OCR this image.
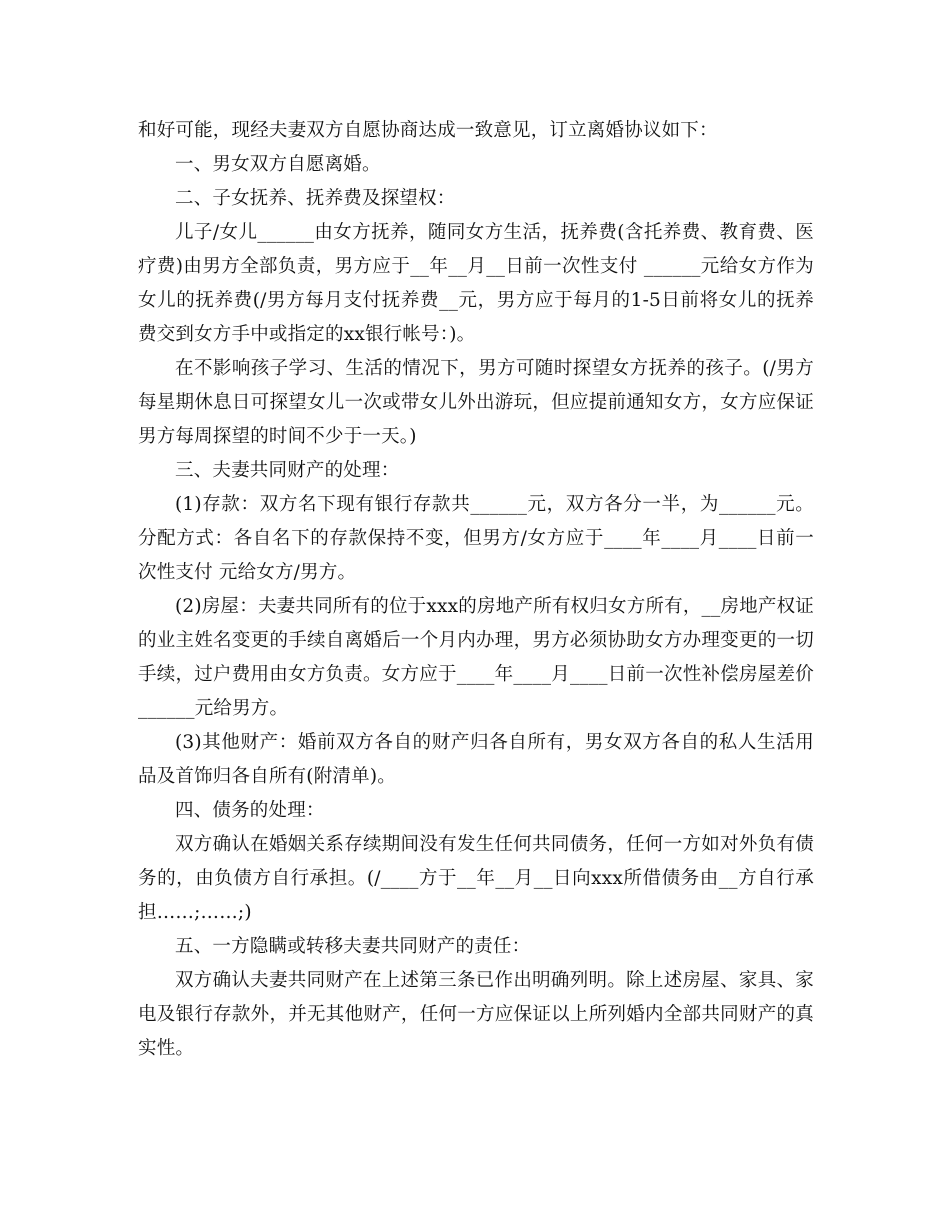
和好可能，现经夫妻双方自愿协商达成一致意见，订立离婚协议如下：

一、男女双方自愿离婚。

二、子女抚养、抚养费及探望权：

儿子/女儿______由女方抚养，随同女方生活，抚养费(含托养费、教育费、医疗费)由男方全部负责，男方应于__年__月__日前一次性支付 ______元给女方作为女儿的抚养费(/男方每月支付抚养费__元，男方应于每月的1-5日前将女儿的抚养费交到女方手中或指定的xx银行帐号：)。

在不影响孩子学习、生活的情况下，男方可随时探望女方抚养的孩子。(/男方每星期休息日可探望女儿一次或带女儿外出游玩，但应提前通知女方，女方应保证男方每周探望的时间不少于一天。)

三、夫妻共同财产的处理：

(1)存款：双方名下现有银行存款共______元，双方各分一半，为______元。分配方式：各自名下的存款保持不变，但男方/女方应于____年____月____日前一次性支付 元给女方/男方。

(2)房屋：夫妻共同所有的位于xxx的房地产所有权归女方所有，__房地产权证的业主姓名变更的手续自离婚后一个月内办理，男方必须协助女方办理变更的一切手续，过户费用由女方负责。女方应于____年____月____日前一次性补偿房屋差价______元给男方。

(3)其他财产：婚前双方各自的财产归各自所有，男女双方各自的私人生活用品及首饰归各自所有(附清单)。

四、债务的处理：

双方确认在婚姻关系存续期间没有发生任何共同债务，任何一方如对外负有债务的，由负债方自行承担。(/____方于__年__月__日向xxx所借债务由__方自行承担……;……;)

五、一方隐瞒或转移夫妻共同财产的责任：

双方确认夫妻共同财产在上述第三条已作出明确列明。除上述房屋、家具、家电及银行存款外，并无其他财产，任何一方应保证以上所列婚内全部共同财产的真实性。
